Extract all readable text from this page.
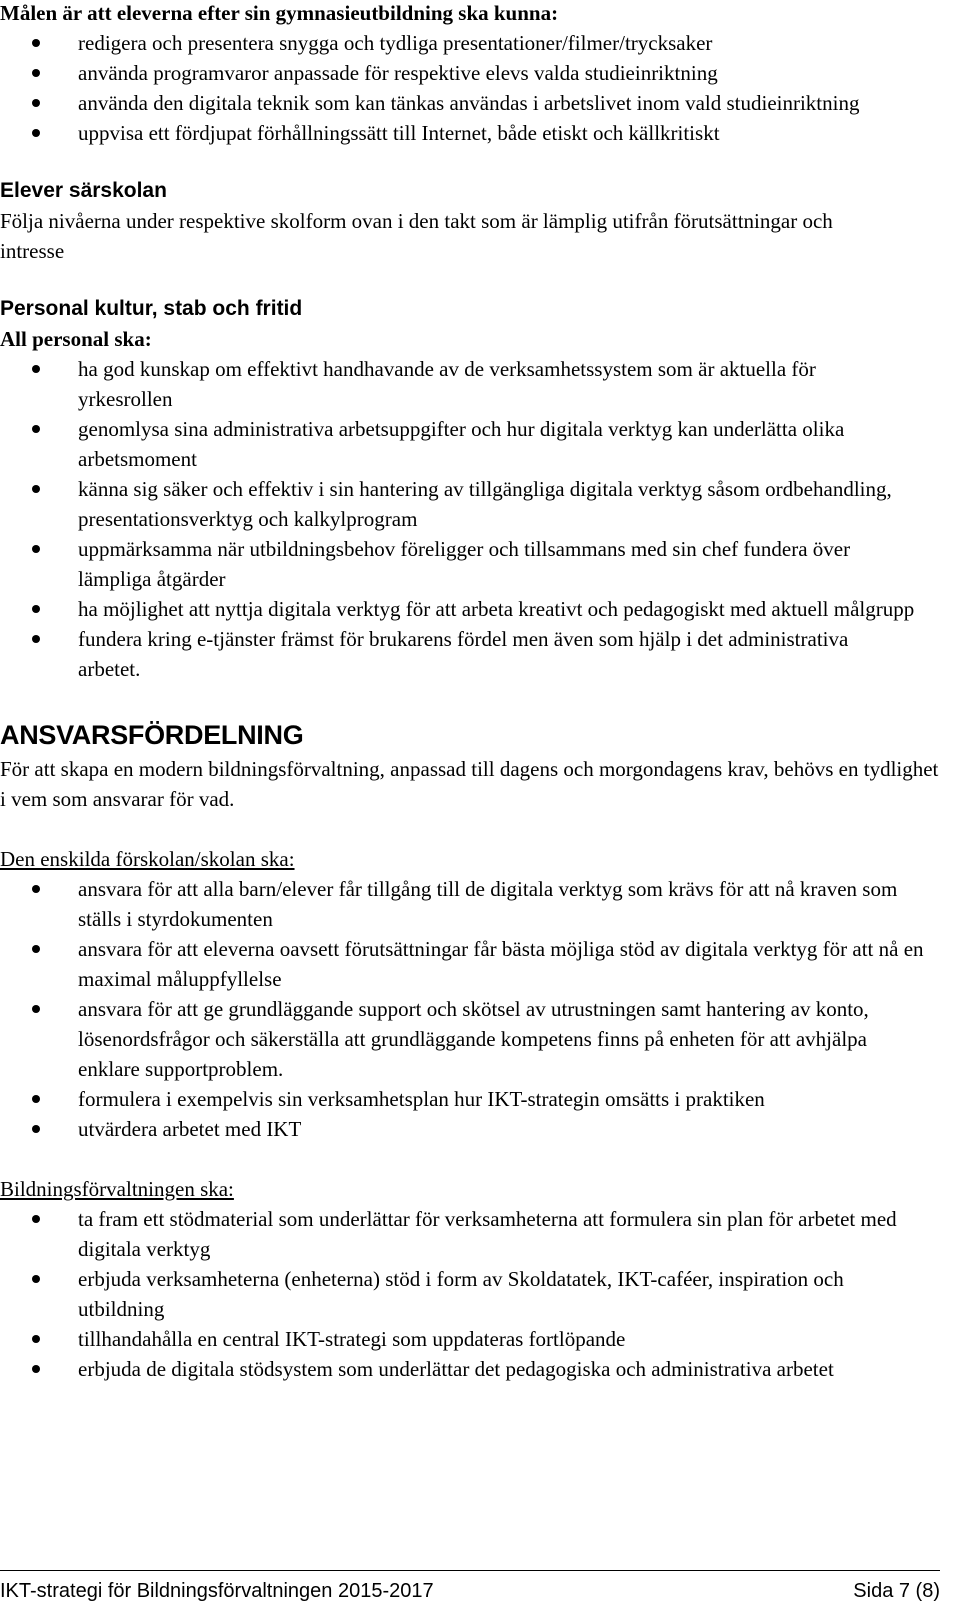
Målen är att eleverna efter sin gymnasieutbildning ska kunna:

redigera och presentera snygga och tydliga presentationer/filmer/trycksaker
använda programvaror anpassade för respektive elevs valda studieinriktning
använda den digitala teknik som kan tänkas användas i arbetslivet inom vald studieinriktning
uppvisa ett fördjupat förhållningssätt till Internet, både etiskt och källkritiskt

Elever särskolan

Följa nivåerna under respektive skolform ovan i den takt som är lämplig utifrån förutsättningar och intresse

Personal kultur, stab och fritid

All personal ska:

ha god kunskap om effektivt handhavande av de verksamhetssystem som är aktuella för yrkesrollen
genomlysa sina administrativa arbetsuppgifter och hur digitala verktyg kan underlätta olika arbetsmoment
känna sig säker och effektiv i sin hantering av tillgängliga digitala verktyg såsom ordbehandling, presentationsverktyg och kalkylprogram
uppmärksamma när utbildningsbehov föreligger och tillsammans med sin chef fundera över lämpliga åtgärder
ha möjlighet att nyttja digitala verktyg för att arbeta kreativt och pedagogiskt med aktuell målgrupp
fundera kring e-tjänster främst för brukarens fördel men även som hjälp i det administrativa arbetet.

ANSVARSFÖRDELNING

För att skapa en modern bildningsförvaltning, anpassad till dagens och morgondagens krav, behövs en tydlighet i vem som ansvarar för vad.

Den enskilda förskolan/skolan ska:

ansvara för att alla barn/elever får tillgång till de digitala verktyg som krävs för att nå kraven som ställs i styrdokumenten
ansvara för att eleverna oavsett förutsättningar får bästa möjliga stöd av digitala verktyg för att nå en maximal måluppfyllelse
ansvara för att ge grundläggande support och skötsel av utrustningen samt hantering av konto, lösenordsfrågor och säkerställa att grundläggande kompetens finns på enheten för att avhjälpa enklare supportproblem.
formulera i exempelvis sin verksamhetsplan hur IKT-strategin omsätts i praktiken
utvärdera arbetet med IKT

Bildningsförvaltningen ska:

ta fram ett stödmaterial som underlättar för verksamheterna att formulera sin plan för arbetet med digitala verktyg
erbjuda verksamheterna (enheterna) stöd i form av Skoldatatek, IKT-caféer, inspiration och utbildning
tillhandahålla en central IKT-strategi som uppdateras fortlöpande
erbjuda de digitala stödsystem som underlättar det pedagogiska och administrativa arbetet
IKT-strategi för Bildningsförvaltningen 2015-2017	Sida 7 (8)
